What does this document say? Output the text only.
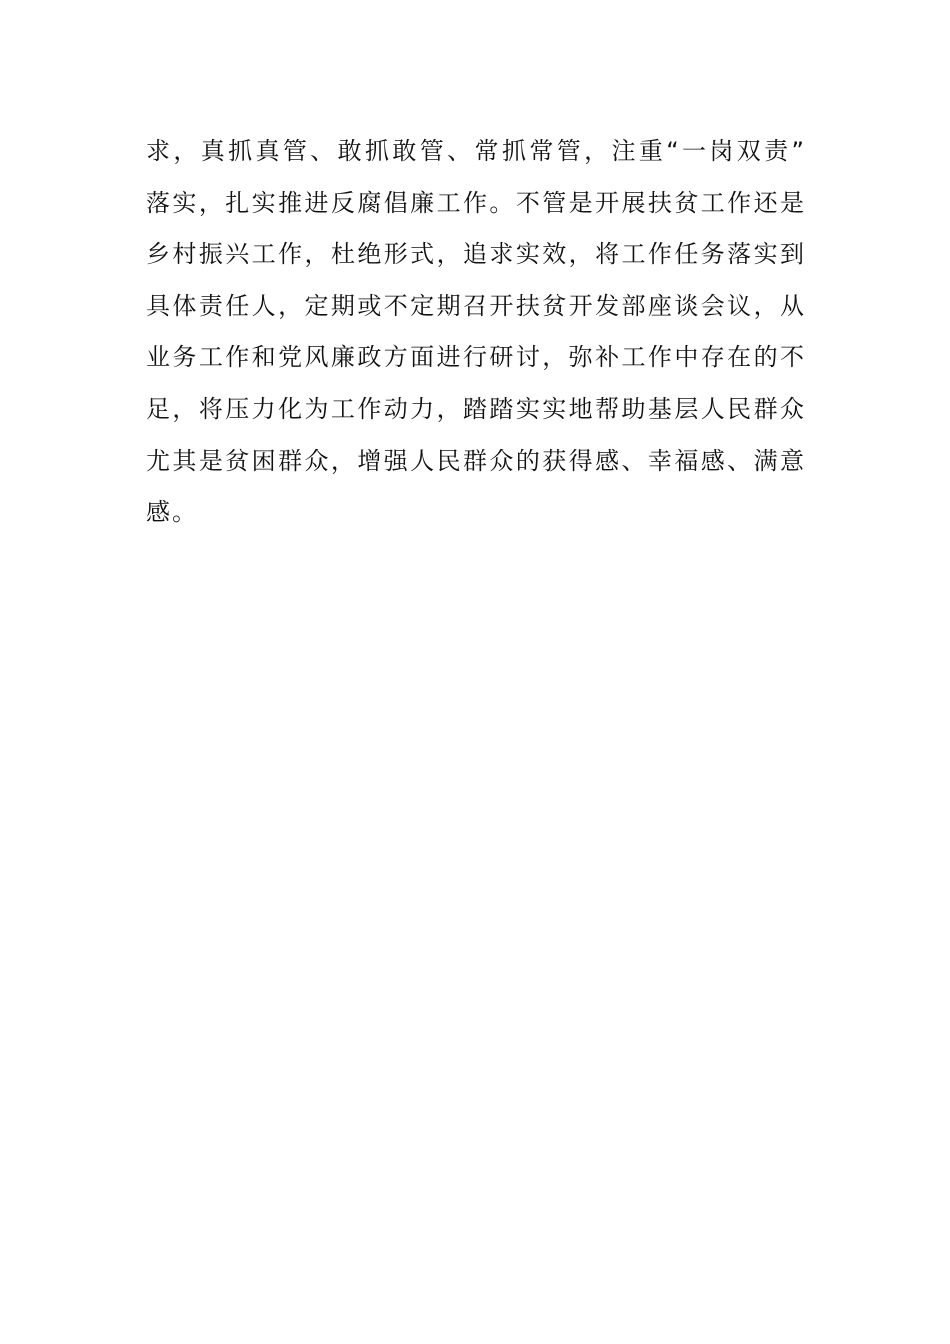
求，真抓真管、敢抓敢管、常抓常管，注重“一岗双责”
落实，扎实推进反腐倡廉工作。不管是开展扶贫工作还是
乡村振兴工作，杜绝形式，追求实效，将工作任务落实到
具体责任人，定期或不定期召开扶贫开发部座谈会议，从
业务工作和党风廉政方面进行研讨，弥补工作中存在的不
足，将压力化为工作动力，踏踏实实地帮助基层人民群众
尤其是贫困群众，增强人民群众的获得感、幸福感、满意
感。
